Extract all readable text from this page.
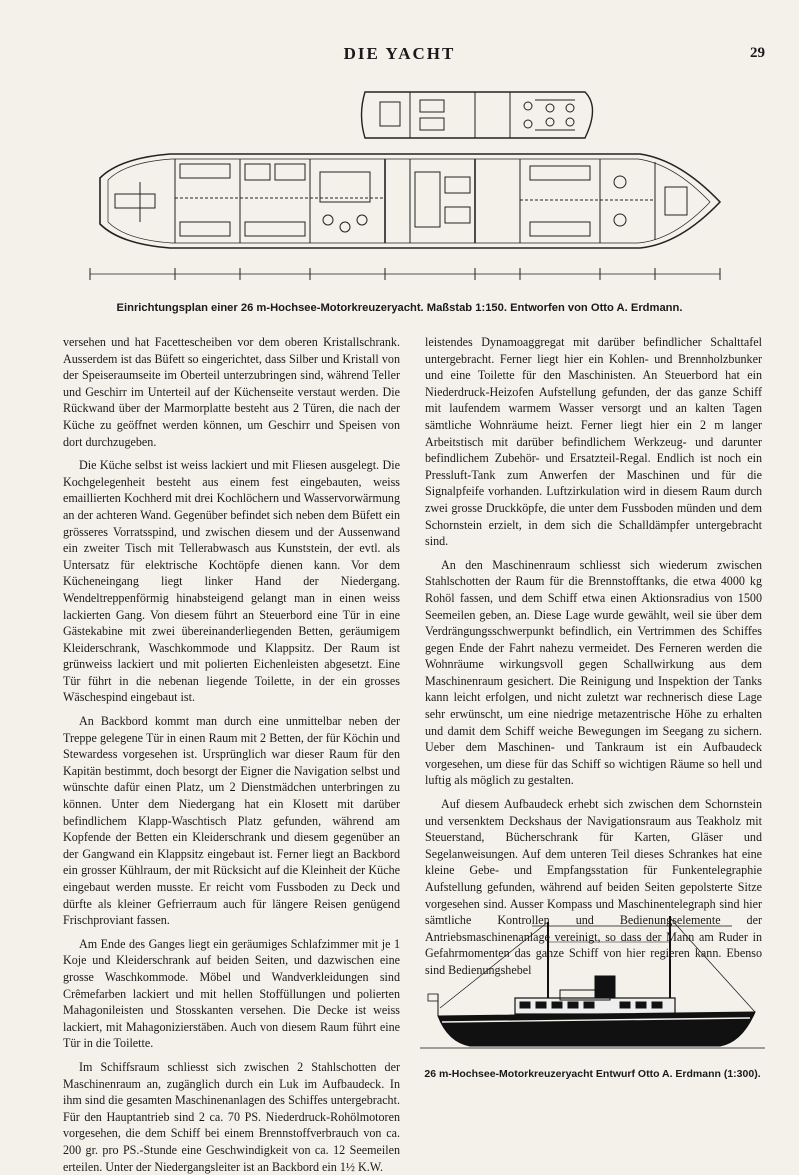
DIE YACHT	29
Einrichtungsplan einer 26 m-Hochsee-Motorkreuzeryacht. Maßstab 1:150. Entworfen von Otto A. Erdmann.

versehen und hat Facettescheiben vor dem oberen Kristallschrank. Ausserdem ist das Büfett so eingerichtet, dass Silber und Kristall von der Speiseraumseite im Oberteil unterzubringen sind, während Teller und Geschirr im Unterteil auf der Küchenseite verstaut werden. Die Rückwand über der Marmorplatte besteht aus 2 Türen, die nach der Küche zu geöffnet werden können, um Geschirr und Speisen von dort durchzugeben.

Die Küche selbst ist weiss lackiert und mit Fliesen ausgelegt. Die Kochgelegenheit besteht aus einem fest eingebauten, weiss emaillierten Kochherd mit drei Kochlöchern und Wasservorwärmung an der achteren Wand. Gegenüber befindet sich neben dem Büfett ein grösseres Vorratsspind, und zwischen diesem und der Aussenwand ein zweiter Tisch mit Tellerabwasch aus Kunststein, der evtl. als Untersatz für elektrische Kochtöpfe dienen kann. Vor dem Kücheneingang liegt linker Hand der Niedergang. Wendeltreppenförmig hinabsteigend gelangt man in einen weiss lackierten Gang. Von diesem führt an Steuerbord eine Tür in eine Gästekabine mit zwei übereinanderliegenden Betten, geräumigem Kleiderschrank, Waschkommode und Klappsitz. Der Raum ist grünweiss lackiert und mit polierten Eichenleisten abgesetzt. Eine Tür führt in die nebenan liegende Toilette, in der ein grosses Wäschespind eingebaut ist.

An Backbord kommt man durch eine unmittelbar neben der Treppe gelegene Tür in einen Raum mit 2 Betten, der für Köchin und Stewardess vorgesehen ist. Ursprünglich war dieser Raum für den Kapitän bestimmt, doch besorgt der Eigner die Navigation selbst und wünschte dafür einen Platz, um 2 Dienstmädchen unterbringen zu können. Unter dem Niedergang hat ein Klosett mit darüber befindlichem Klapp-Waschtisch Platz gefunden, während am Kopfende der Betten ein Kleiderschrank und diesem gegenüber an der Gangwand ein Klappsitz eingebaut ist. Ferner liegt an Backbord ein grosser Kühlraum, der mit Rücksicht auf die Kleinheit der Küche eingebaut werden musste. Er reicht vom Fussboden zu Deck und dürfte als kleiner Gefrierraum auch für längere Reisen genügend Frischproviant fassen.

Am Ende des Ganges liegt ein geräumiges Schlafzimmer mit je 1 Koje und Kleiderschrank auf beiden Seiten, und dazwischen eine grosse Waschkommode. Möbel und Wandverkleidungen sind Crêmefarben lackiert und mit hellen Stoffüllungen und polierten Mahagonileisten und Stosskanten versehen. Die Decke ist weiss lackiert, mit Mahagonizierstäben. Auch von diesem Raum führt eine Tür in die Toilette.

Im Schiffsraum schliesst sich zwischen 2 Stahlschotten der Maschinenraum an, zugänglich durch ein Luk im Aufbaudeck. In ihm sind die gesamten Maschinenanlagen des Schiffes untergebracht. Für den Hauptantrieb sind 2 ca. 70 PS. Niederdruck-Rohölmotoren vorgesehen, die dem Schiff bei einem Brennstoffverbrauch von ca. 200 gr. pro PS.-Stunde eine Geschwindigkeit von ca. 12 Seemeilen erteilen. Unter der Niedergangsleiter ist an Backbord ein 1½ K.W.

leistendes Dynamoaggregat mit darüber befindlicher Schalttafel untergebracht. Ferner liegt hier ein Kohlen- und Brennholzbunker und eine Toilette für den Maschinisten. An Steuerbord hat ein Niederdruck-Heizofen Aufstellung gefunden, der das ganze Schiff mit laufendem warmem Wasser versorgt und an kalten Tagen sämtliche Wohnräume heizt. Ferner liegt hier ein 2 m langer Arbeitstisch mit darüber befindlichem Werkzeug- und darunter befindlichem Zubehör- und Ersatzteil-Regal. Endlich ist noch ein Pressluft-Tank zum Anwerfen der Maschinen und für die Signalpfeife vorhanden. Luftzirkulation wird in diesem Raum durch zwei grosse Druckköpfe, die unter dem Fussboden münden und dem Schornstein erzielt, in dem sich die Schalldämpfer untergebracht sind.

An den Maschinenraum schliesst sich wiederum zwischen Stahlschotten der Raum für die Brennstofftanks, die etwa 4000 kg Rohöl fassen, und dem Schiff etwa einen Aktionsradius von 1500 Seemeilen geben, an. Diese Lage wurde gewählt, weil sie über dem Verdrängungsschwerpunkt befindlich, ein Vertrimmen des Schiffes gegen Ende der Fahrt nahezu vermeidet. Des Ferneren werden die Wohnräume wirkungsvoll gegen Schallwirkung aus dem Maschinenraum gesichert. Die Reinigung und Inspektion der Tanks kann leicht erfolgen, und nicht zuletzt war rechnerisch diese Lage sehr erwünscht, um eine niedrige metazentrische Höhe zu erhalten und damit dem Schiff weiche Bewegungen im Seegang zu sichern. Ueber dem Maschinen- und Tankraum ist ein Aufbaudeck vorgesehen, um diese für das Schiff so wichtigen Räume so hell und luftig als möglich zu gestalten.

Auf diesem Aufbaudeck erhebt sich zwischen dem Schornstein und versenktem Deckshaus der Navigationsraum aus Teakholz mit Steuerstand, Bücherschrank für Karten, Gläser und Segelanweisungen. Auf dem unteren Teil dieses Schrankes hat eine kleine Gebe- und Empfangsstation für Funkentelegraphie Aufstellung gefunden, während auf beiden Seiten gepolsterte Sitze vorgesehen sind. Ausser Kompass und Maschinentelegraph sind hier sämtliche Kontrollen und Bedienungselemente der Antriebsmaschinenanlage vereinigt, so dass der Mann am Ruder in Gefahrmomenten das ganze Schiff von hier regieren kann. Ebenso sind Bedienungshebel

26 m-Hochsee-Motorkreuzeryacht Entwurf Otto A. Erdmann (1:300).
